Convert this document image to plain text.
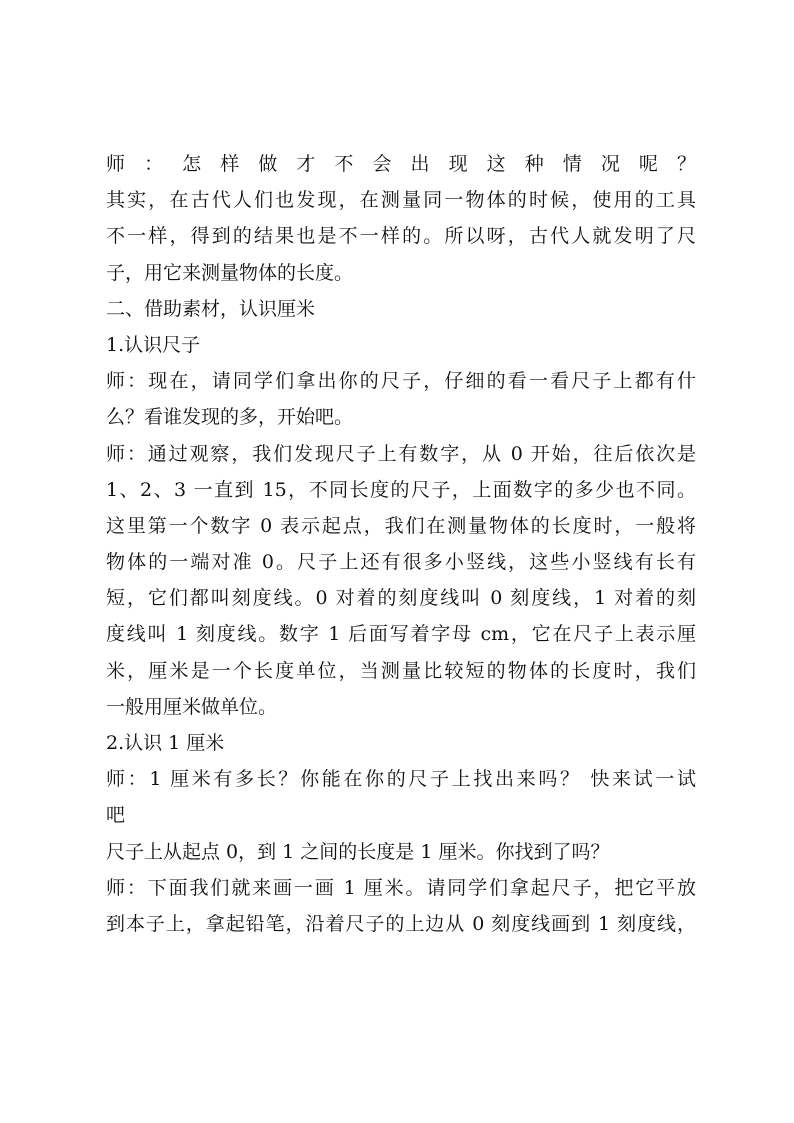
师：怎样做才不会出现这种情况呢？
其实，在古代人们也发现，在测量同一物体的时候，使用的工具
不一样，得到的结果也是不一样的。所以呀，古代人就发明了尺
子，用它来测量物体的长度。
二、借助素材，认识厘米
1.认识尺子
师：现在，请同学们拿出你的尺子，仔细的看一看尺子上都有什
么？看谁发现的多，开始吧。
师：通过观察，我们发现尺子上有数字，从 0 开始，往后依次是
1、2、3 一直到 15，不同长度的尺子，上面数字的多少也不同。
这里第一个数字 0 表示起点，我们在测量物体的长度时，一般将
物体的一端对准 0。尺子上还有很多小竖线，这些小竖线有长有
短，它们都叫刻度线。0 对着的刻度线叫 0 刻度线，1 对着的刻
度线叫 1 刻度线。数字 1 后面写着字母 cm，它在尺子上表示厘
米，厘米是一个长度单位，当测量比较短的物体的长度时，我们
一般用厘米做单位。
2.认识 1 厘米
师：1 厘米有多长？你能在你的尺子上找出来吗？ 快来试一试
吧
尺子上从起点 0，到 1 之间的长度是 1 厘米。你找到了吗？
师：下面我们就来画一画 1 厘米。请同学们拿起尺子，把它平放
到本子上，拿起铅笔，沿着尺子的上边从 0 刻度线画到 1 刻度线，
